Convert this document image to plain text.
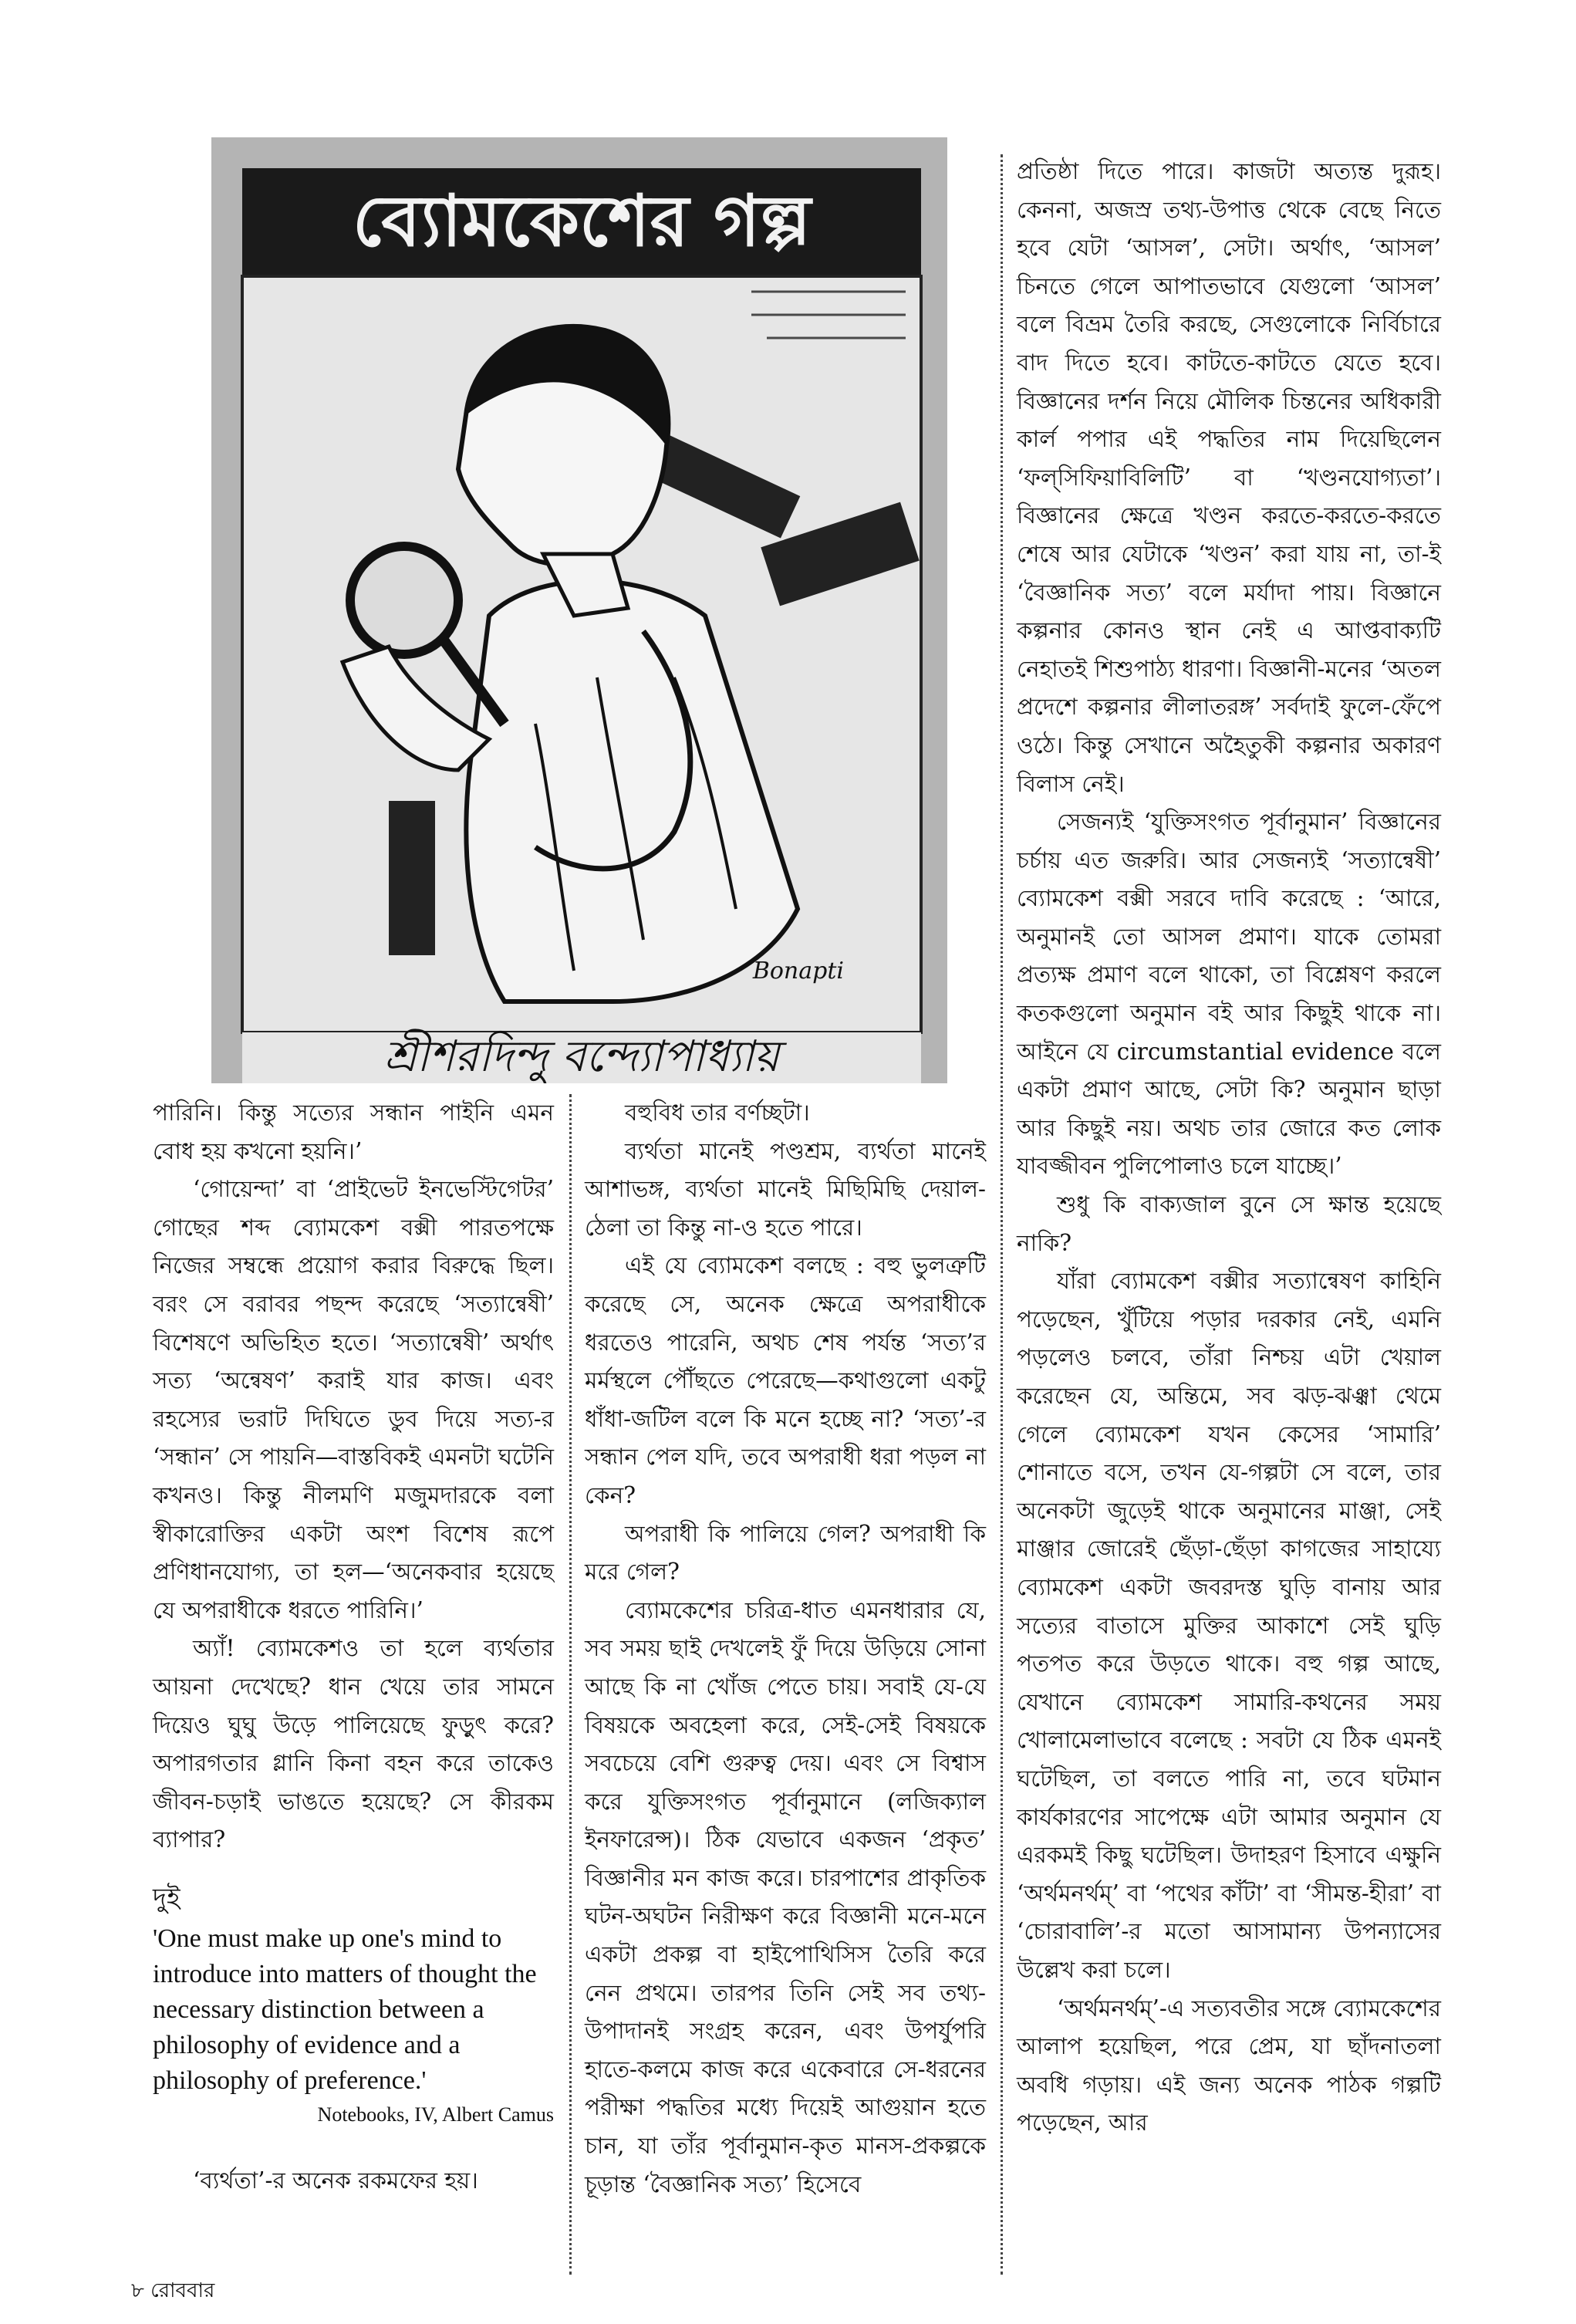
ব্যোমকেশের গল্প
Bonapti
শ্রীশরদিন্দু বন্দ্যোপাধ্যায়

পারিনি। কিন্তু সত্যের সন্ধান পাইনি এমন বোধ হয় কখনো হয়নি।’

‘গোয়েন্দা’ বা ‘প্রাইভেট ইনভেস্টিগেটর’ গোছের শব্দ ব্যোমকেশ বক্সী পারতপক্ষে নিজের সম্বন্ধে প্রয়োগ করার বিরুদ্ধে ছিল। বরং সে বরাবর পছন্দ করেছে ‘সত্যান্বেষী’ বিশেষণে অভিহিত হতে। ‘সত্যান্বেষী’ অর্থাৎ সত্য ‘অন্বেষণ’ করাই যার কাজ। এবং রহস্যের ভরাট দিঘিতে ডুব দিয়ে সত্য-র ‘সন্ধান’ সে পায়নি—বাস্তবিকই এমনটা ঘটেনি কখনও। কিন্তু নীলমণি মজুমদারকে বলা স্বীকারোক্তির একটা অংশ বিশেষ রূপে প্রণিধানযোগ্য, তা হল—‘অনেকবার হয়েছে যে অপরাধীকে ধরতে পারিনি।’

অ্যাঁ! ব্যোমকেশও তা হলে ব্যর্থতার আয়না দেখেছে? ধান খেয়ে তার সামনে দিয়েও ঘুঘু উড়ে পালিয়েছে ফুড়ুৎ করে? অপারগতার গ্লানি কিনা বহন করে তাকেও জীবন-চড়াই ভাঙতে হয়েছে? সে কীরকম ব্যাপার?

দুই

'One must make up one's mind to introduce into matters of thought the necessary distinction between a philosophy of evidence and a philosophy of preference.'

Notebooks, IV, Albert Camus

‘ব্যর্থতা’-র অনেক রকমফের হয়।

বহুবিধ তার বর্ণচ্ছটা।

ব্যর্থতা মানেই পণ্ডশ্রম, ব্যর্থতা মানেই আশাভঙ্গ, ব্যর্থতা মানেই মিছিমিছি দেয়াল-ঠেলা তা কিন্তু না-ও হতে পারে।

এই যে ব্যোমকেশ বলছে : বহু ভুলত্রুটি করেছে সে, অনেক ক্ষেত্রে অপরাধীকে ধরতেও পারেনি, অথচ শেষ পর্যন্ত ‘সত্য’র মর্মস্থলে পৌঁছতে পেরেছে—কথাগুলো একটু ধাঁধা-জটিল বলে কি মনে হচ্ছে না? ‘সত্য’-র সন্ধান পেল যদি, তবে অপরাধী ধরা পড়ল না কেন?

অপরাধী কি পালিয়ে গেল? অপরাধী কি মরে গেল?

ব্যোমকেশের চরিত্র-ধাত এমনধারার যে, সব সময় ছাই দেখলেই ফুঁ দিয়ে উড়িয়ে সোনা আছে কি না খোঁজ পেতে চায়। সবাই যে-যে বিষয়কে অবহেলা করে, সেই-সেই বিষয়কে সবচেয়ে বেশি গুরুত্ব দেয়। এবং সে বিশ্বাস করে যুক্তিসংগত পূর্বানুমানে (লজিক্যাল ইনফারেন্স)। ঠিক যেভাবে একজন ‘প্রকৃত’ বিজ্ঞানীর মন কাজ করে। চারপাশের প্রাকৃতিক ঘটন-অঘটন নিরীক্ষণ করে বিজ্ঞানী মনে-মনে একটা প্রকল্প বা হাইপোথিসিস তৈরি করে নেন প্রথমে। তারপর তিনি সেই সব তথ্য-উপাদানই সংগ্রহ করেন, এবং উপর্যুপরি হাতে-কলমে কাজ করে একেবারে সে-ধরনের পরীক্ষা পদ্ধতির মধ্যে দিয়েই আগুয়ান হতে চান, যা তাঁর পূর্বানুমান-কৃত মানস-প্রকল্পকে চূড়ান্ত ‘বৈজ্ঞানিক সত্য’ হিসেবে

প্রতিষ্ঠা দিতে পারে। কাজটা অত্যন্ত দুরূহ। কেননা, অজস্র তথ্য-উপাত্ত থেকে বেছে নিতে হবে যেটা ‘আসল’, সেটা। অর্থাৎ, ‘আসল’ চিনতে গেলে আপাতভাবে যেগুলো ‘আসল’ বলে বিভ্রম তৈরি করছে, সেগুলোকে নির্বিচারে বাদ দিতে হবে। কাটতে-কাটতে যেতে হবে। বিজ্ঞানের দর্শন নিয়ে মৌলিক চিন্তনের অধিকারী কার্ল পপার এই পদ্ধতির নাম দিয়েছিলেন ‘ফল্‌সিফিয়াবিলিটি’ বা ‘খণ্ডনযোগ্যতা’। বিজ্ঞানের ক্ষেত্রে খণ্ডন করতে-করতে-করতে শেষে আর যেটাকে ‘খণ্ডন’ করা যায় না, তা-ই ‘বৈজ্ঞানিক সত্য’ বলে মর্যাদা পায়। বিজ্ঞানে কল্পনার কোনও স্থান নেই এ আপ্তবাক্যটি নেহাতই শিশুপাঠ্য ধারণা। বিজ্ঞানী-মনের ‘অতল প্রদেশে কল্পনার লীলাতরঙ্গ’ সর্বদাই ফুলে-ফেঁপে ওঠে। কিন্তু সেখানে অহৈতুকী কল্পনার অকারণ বিলাস নেই।

সেজন্যই ‘যুক্তিসংগত পূর্বানুমান’ বিজ্ঞানের চর্চায় এত জরুরি। আর সেজন্যই ‘সত্যান্বেষী’ ব্যোমকেশ বক্সী সরবে দাবি করেছে : ‘আরে, অনুমানই তো আসল প্রমাণ। যাকে তোমরা প্রত্যক্ষ প্রমাণ বলে থাকো, তা বিশ্লেষণ করলে কতকগুলো অনুমান বই আর কিছুই থাকে না। আইনে যে circumstantial evidence বলে একটা প্রমাণ আছে, সেটা কি? অনুমান ছাড়া আর কিছুই নয়। অথচ তার জোরে কত লোক যাবজ্জীবন পুলিপোলাও চলে যাচ্ছে।’

শুধু কি বাক্যজাল বুনে সে ক্ষান্ত হয়েছে নাকি?

যাঁরা ব্যোমকেশ বক্সীর সত্যান্বেষণ কাহিনি পড়েছেন, খুঁটিয়ে পড়ার দরকার নেই, এমনি পড়লেও চলবে, তাঁরা নিশ্চয় এটা খেয়াল করেছেন যে, অন্তিমে, সব ঝড়-ঝঞ্ঝা থেমে গেলে ব্যোমকেশ যখন কেসের ‘সামারি’ শোনাতে বসে, তখন যে-গল্পটা সে বলে, তার অনেকটা জুড়েই থাকে অনুমানের মাঞ্জা, সেই মাঞ্জার জোরেই ছেঁড়া-ছেঁড়া কাগজের সাহায্যে ব্যোমকেশ একটা জবরদস্ত ঘুড়ি বানায় আর সত্যের বাতাসে মুক্তির আকাশে সেই ঘুড়ি পতপত করে উড়তে থাকে। বহু গল্প আছে, যেখানে ব্যোমকেশ সামারি-কথনের সময় খোলামেলাভাবে বলেছে : সবটা যে ঠিক এমনই ঘটেছিল, তা বলতে পারি না, তবে ঘটমান কার্যকারণের সাপেক্ষে এটা আমার অনুমান যে এরকমই কিছু ঘটেছিল। উদাহরণ হিসাবে এক্ষুনি ‘অর্থমনর্থম্’ বা ‘পথের কাঁটা’ বা ‘সীমন্ত-হীরা’ বা ‘চোরাবালি’-র মতো আসামান্য উপন্যাসের উল্লেখ করা চলে।

‘অর্থমনর্থম্’-এ সত্যবতীর সঙ্গে ব্যোমকেশের আলাপ হয়েছিল, পরে প্রেম, যা ছাঁদনাতলা অবধি গড়ায়। এই জন্য অনেক পাঠক গল্পটি পড়েছেন, আর

৮ রোববার
